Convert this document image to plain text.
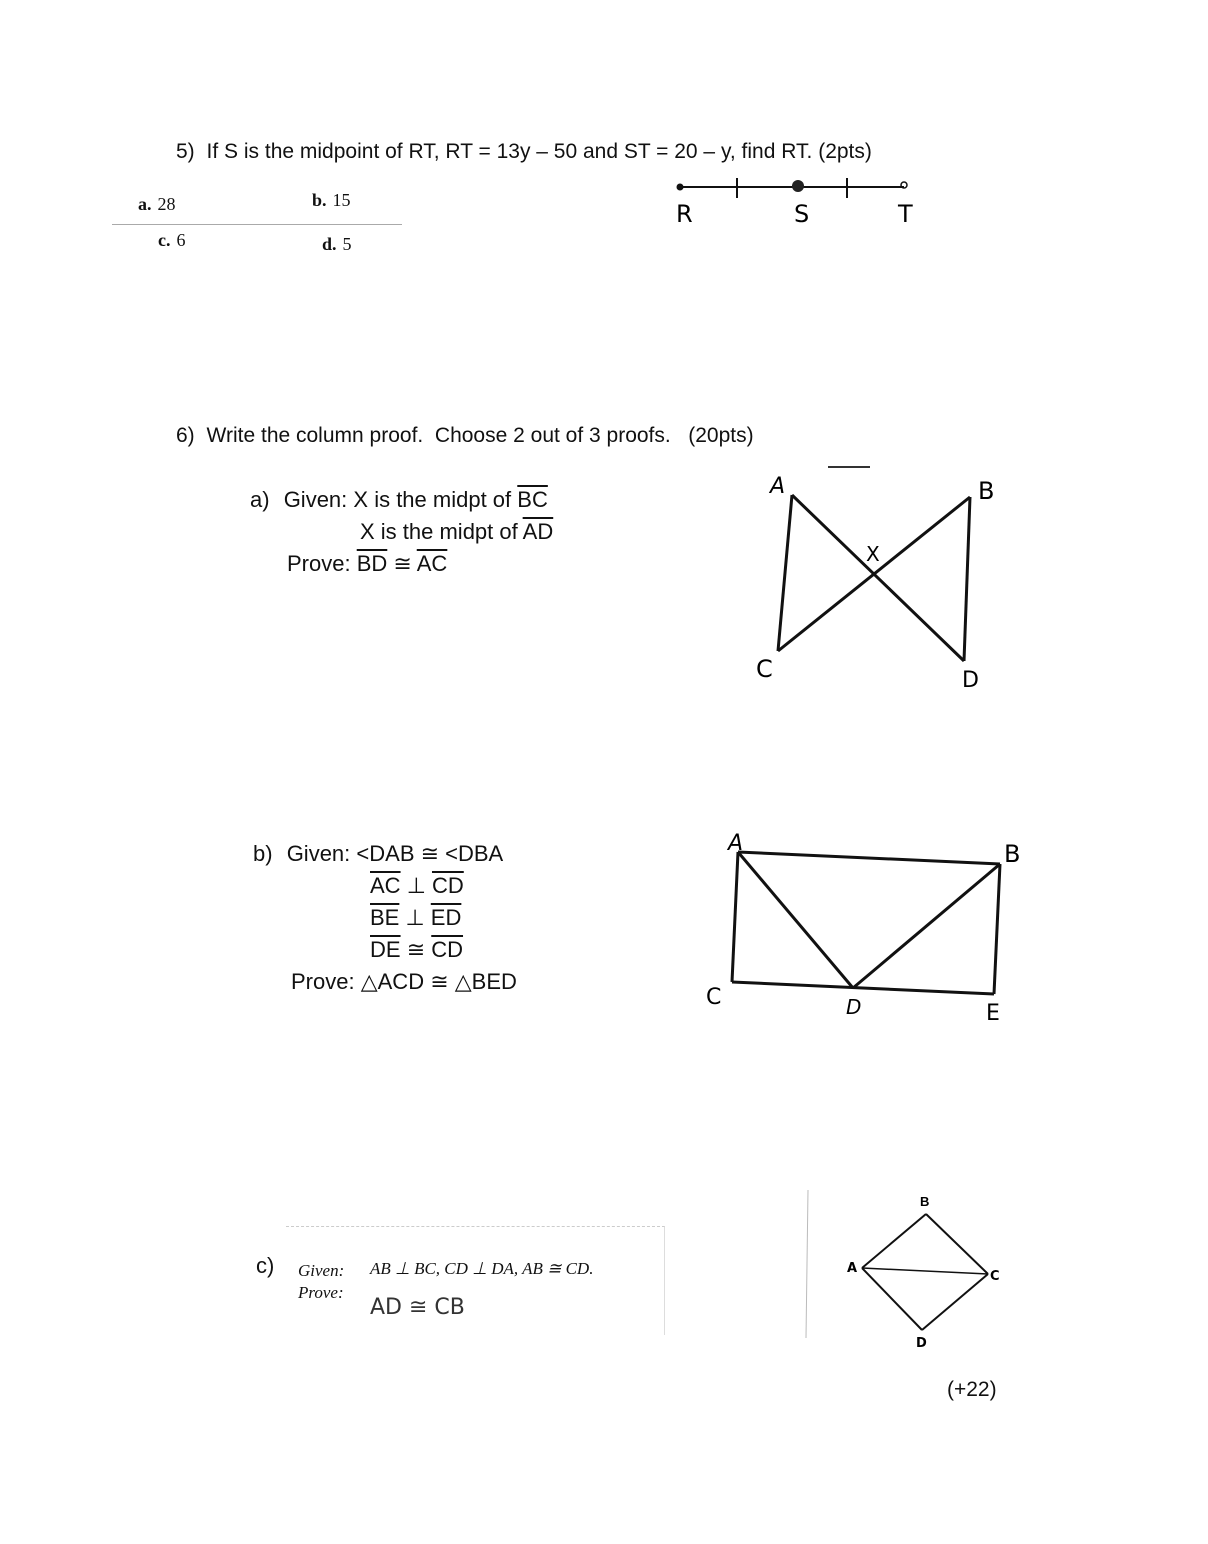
5) If S is the midpoint of RT, RT = 13y – 50 and ST = 20 – y, find RT. (2pts)
a. 28	b. 15
c. 6	d. 5
R	S	T
6) Write the column proof.  Choose 2 out of 3 proofs.   (20pts)
a) Given: X is the midpt of $\overline{BC}$
X is the midpt of $\overline{AD}$
Prove: $\overline{BD}$ ≅ $\overline{AC}$
A	B
C	D
X
b) Given: <DAB ≅ <DBA
$\overline{AC}$ ⊥ $\overline{CD}$
$\overline{BE}$ ⊥ $\overline{ED}$
$\overline{DE}$ ≅ $\overline{CD}$
Prove: △ACD ≅ △BED
A	B
C	D	E
c) Given: AB ⊥ BC, CD ⊥ DA, AB ≅ CD.
Prove:
AD ≅ CB
B
A
C
D
(+22)
